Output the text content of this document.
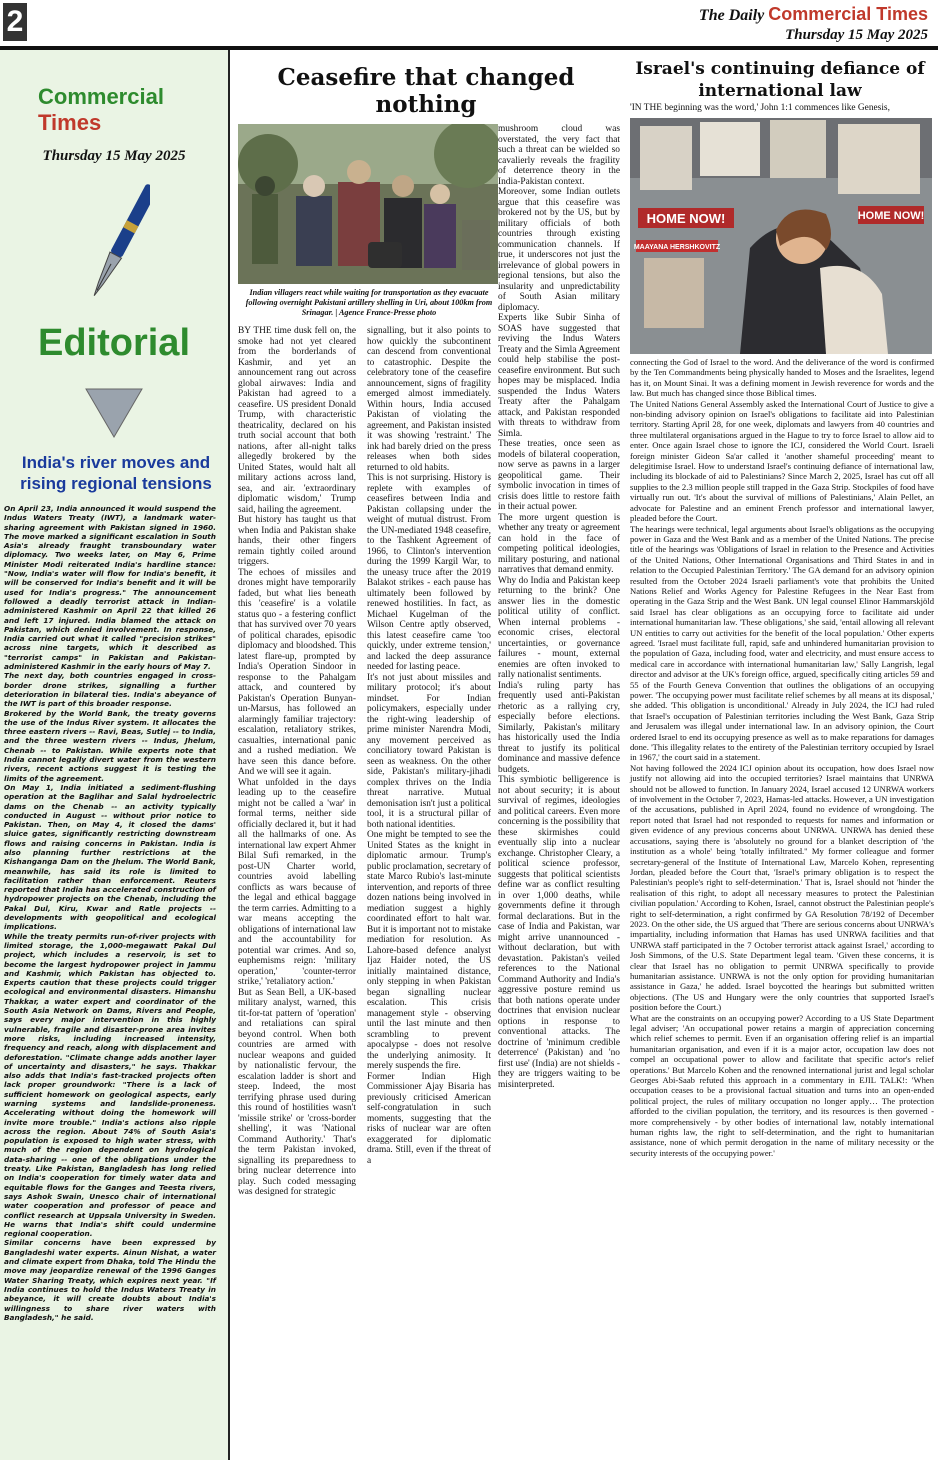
2	The Daily Commercial Times
Thursday 15 May 2025
Commercial Times
Thursday 15 May 2025
Editorial
India's river moves and rising regional tensions

On April 23, India announced it would suspend the Indus Waters Treaty (IWT), a landmark water-sharing agreement with Pakistan signed in 1960. The move marked a significant escalation in South Asia's already fraught transboundary water diplomacy. Two weeks later, on May 6, Prime Minister Modi reiterated India's hardline stance: "Now, India's water will flow for India's benefit, it will be conserved for India's benefit and it will be used for India's progress." The announcement followed a deadly terrorist attack in Indian-administered Kashmir on April 22 that killed 26 and left 17 injured. India blamed the attack on Pakistan, which denied involvement. In response, India carried out what it called "precision strikes" across nine targets, which it described as "terrorist camps" in Pakistan and Pakistan-administered Kashmir in the early hours of May 7.

The next day, both countries engaged in cross-border drone strikes, signalling a further deterioration in bilateral ties. India's abeyance of the IWT is part of this broader response.

Brokered by the World Bank, the treaty governs the use of the Indus River system. It allocates the three eastern rivers -- Ravi, Beas, Sutlej -- to India, and the three western rivers -- Indus, Jhelum, Chenab -- to Pakistan. While experts note that India cannot legally divert water from the western rivers, recent actions suggest it is testing the limits of the agreement.

On May 1, India initiated a sediment-flushing operation at the Baglihar and Salal hydroelectric dams on the Chenab -- an activity typically conducted in August -- without prior notice to Pakistan. Then, on May 4, it closed the dams' sluice gates, significantly restricting downstream flows and raising concerns in Pakistan. India is also planning further restrictions at the Kishanganga Dam on the Jhelum. The World Bank, meanwhile, has said its role is limited to facilitation rather than enforcement. Reuters reported that India has accelerated construction of hydropower projects on the Chenab, including the Pakal Dul, Kiru, Kwar and Ratle projects -- developments with geopolitical and ecological implications.

While the treaty permits run-of-river projects with limited storage, the 1,000-megawatt Pakal Dul project, which includes a reservoir, is set to become the largest hydropower project in Jammu and Kashmir, which Pakistan has objected to. Experts caution that these projects could trigger ecological and environmental disasters. Himanshu Thakkar, a water expert and coordinator of the South Asia Network on Dams, Rivers and People, says every major intervention in this highly vulnerable, fragile and disaster-prone area invites more risks, including increased intensity, frequency and reach, along with displacement and deforestation. "Climate change adds another layer of uncertainty and disasters," he says. Thakkar also adds that India's fast-tracked projects often lack proper groundwork: "There is a lack of sufficient homework on geological aspects, early warning systems and landslide-proneness. Accelerating without doing the homework will invite more trouble." India's actions also ripple across the region. About 74% of South Asia's population is exposed to high water stress, with much of the region dependent on hydrological data-sharing -- one of the obligations under the treaty. Like Pakistan, Bangladesh has long relied on India's cooperation for timely water data and equitable flows for the Ganges and Teesta rivers, says Ashok Swain, Unesco chair of international water cooperation and professor of peace and conflict research at Uppsala University in Sweden. He warns that India's shift could undermine regional cooperation.

Similar concerns have been expressed by Bangladeshi water experts. Ainun Nishat, a water and climate expert from Dhaka, told The Hindu the move may jeopardize renewal of the 1996 Ganges Water Sharing Treaty, which expires next year. "If India continues to hold the Indus Waters Treaty in abeyance, it will create doubts about India's willingness to share river waters with Bangladesh," he said.

Ceasefire that changed nothing
Indian villagers react while waiting for transportation as they evacuate following overnight Pakistani artillery shelling in Uri, about 100km from Srinagar. | Agence France-Presse photo

BY THE time dusk fell on, the smoke had not yet cleared from the borderlands of Kashmir, and yet an announcement rang out across global airwaves: India and Pakistan had agreed to a ceasefire. US president Donald Trump, with characteristic theatricality, declared on his truth social account that both nations, after all-night talks allegedly brokered by the United States, would halt all military actions across land, sea, and air. 'extraordinary diplomatic wisdom,' Trump said, hailing the agreement.

But history has taught us that when India and Pakistan shake hands, their other fingers remain tightly coiled around triggers.

The echoes of missiles and drones might have temporarily faded, but what lies beneath this 'ceasefire' is a volatile status quo - a festering conflict that has survived over 70 years of political charades, episodic diplomacy and bloodshed. This latest flare-up, prompted by India's Operation Sindoor in response to the Pahalgam attack, and countered by Pakistan's Operation Bunyan-un-Marsus, has followed an alarmingly familiar trajectory: escalation, retaliatory strikes, casualties, international panic and a rushed mediation. We have seen this dance before. And we will see it again.

What unfolded in the days leading up to the ceasefire might not be called a 'war' in formal terms, neither side officially declared it, but it had all the hallmarks of one. As international law expert Ahmer Bilal Sufi remarked, in the post-UN Charter world, countries avoid labelling conflicts as wars because of the legal and ethical baggage the term carries. Admitting to a war means accepting the obligations of international law and the accountability for potential war crimes. And so, euphemisms reign: 'military operation,' 'counter-terror strike,' 'retaliatory action.'

But as Sean Bell, a UK-based military analyst, warned, this tit-for-tat pattern of 'operation' and retaliations can spiral beyond control. When both countries are armed with nuclear weapons and guided by nationalistic fervour, the escalation ladder is short and steep. Indeed, the most terrifying phrase used during this round of hostilities wasn't 'missile strike' or 'cross-border shelling', it was 'National Command Authority.' That's the term Pakistan invoked, signalling its preparedness to bring nuclear deterrence into play. Such coded messaging was designed for strategic

signalling, but it also points to how quickly the subcontinent can descend from conventional to catastrophic. Despite the celebratory tone of the ceasefire announcement, signs of fragility emerged almost immediately. Within hours, India accused Pakistan of violating the agreement, and Pakistan insisted it was showing 'restraint.' The ink had barely dried on the press releases when both sides returned to old habits.

This is not surprising. History is replete with examples of ceasefires between India and Pakistan collapsing under the weight of mutual distrust. From the UN-mediated 1948 ceasefire, to the Tashkent Agreement of 1966, to Clinton's intervention during the 1999 Kargil War, to the uneasy truce after the 2019 Balakot strikes - each pause has ultimately been followed by renewed hostilities. In fact, as Michael Kugelman of the Wilson Centre aptly observed, this latest ceasefire came 'too quickly, under extreme tension,' and lacked the deep assurance needed for lasting peace.

It's not just about missiles and military protocol; it's about mindset. For Indian policymakers, especially under the right-wing leadership of prime minister Narendra Modi, any movement perceived as conciliatory toward Pakistan is seen as weakness. On the other side, Pakistan's military-jihadi complex thrives on the India threat narrative. Mutual demonisation isn't just a political tool, it is a structural pillar of both national identities.

One might be tempted to see the United States as the knight in diplomatic armour. Trump's public proclamation, secretary of state Marco Rubio's last-minute intervention, and reports of three dozen nations being involved in mediation suggest a highly coordinated effort to halt war. But it is important not to mistake mediation for resolution. As Lahore-based defence analyst Ijaz Haider noted, the US initially maintained distance, only stepping in when Pakistan began signalling nuclear escalation. This crisis management style - observing until the last minute and then scrambling to prevent apocalypse - does not resolve the underlying animosity. It merely suspends the fire.

Former Indian High Commissioner Ajay Bisaria has previously criticised American self-congratulation in such moments, suggesting that the risks of nuclear war are often exaggerated for diplomatic drama. Still, even if the threat of a

mushroom cloud was overstated, the very fact that such a threat can be wielded so cavalierly reveals the fragility of deterrence theory in the India-Pakistan context.

Moreover, some Indian outlets argue that this ceasefire was brokered not by the US, but by military officials of both countries through existing communication channels. If true, it underscores not just the irrelevance of global powers in regional tensions, but also the insularity and unpredictability of South Asian military diplomacy.

Experts like Subir Sinha of SOAS have suggested that reviving the Indus Waters Treaty and the Simla Agreement could help stabilise the post-ceasefire environment. But such hopes may be misplaced. India suspended the Indus Waters Treaty after the Pahalgam attack, and Pakistan responded with threats to withdraw from Simla.

These treaties, once seen as models of bilateral cooperation, now serve as pawns in a larger geopolitical game. Their symbolic invocation in times of crisis does little to restore faith in their actual power.

The more urgent question is whether any treaty or agreement can hold in the face of competing political ideologies, military posturing, and national narratives that demand enmity.

Why do India and Pakistan keep returning to the brink? One answer lies in the domestic political utility of conflict. When internal problems - economic crises, electoral uncertainties, or governance failures - mount, external enemies are often invoked to rally nationalist sentiments.

India's ruling party has frequently used anti-Pakistan rhetoric as a rallying cry, especially before elections. Similarly, Pakistan's military has historically used the India threat to justify its political dominance and massive defence budgets.

This symbiotic belligerence is not about security; it is about survival of regimes, ideologies and political careers. Even more concerning is the possibility that these skirmishes could eventually slip into a nuclear exchange. Christopher Cleary, a political science professor, suggests that political scientists define war as conflict resulting in over 1,000 deaths, while governments define it through formal declarations. But in the case of India and Pakistan, war might arrive unannounced - without declaration, but with devastation. Pakistan's veiled references to the National Command Authority and India's aggressive posture remind us that both nations operate under doctrines that envision nuclear options in response to conventional attacks. The doctrine of 'minimum credible deterrence' (Pakistan) and 'no first use' (India) are not shields - they are triggers waiting to be misinterpreted.

Israel's continuing defiance of international law
'IN THE beginning was the word,' John 1:1 commences like Genesis,
HOME NOW!
MAAYANA HERSHKOVITZ
HOME NOW!

connecting the God of Israel to the word. And the deliverance of the word is confirmed by the Ten Commandments being physically handed to Moses and the Israelites, legend has it, on Mount Sinai. It was a defining moment in Jewish reverence for words and the law. But much has changed since those Biblical times.

The United Nations General Assembly asked the International Court of Justice to give a non-binding advisory opinion on Israel's obligations to facilitate aid into Palestinian territory. Starting April 28, for one week, diplomats and lawyers from 40 countries and three multilateral organisations argued in the Hague to try to force Israel to allow aid to enter. Once again Israel chose to ignore the ICJ, considered the World Court. Israeli foreign minister Gideon Sa'ar called it 'another shameful proceeding' meant to delegitimise Israel. How to understand Israel's continuing defiance of international law, including its blockade of aid to Palestinians? Since March 2, 2025, Israel has cut off all supplies to the 2.3 million people still trapped in the Gaza Strip. Stockpiles of food have virtually run out. 'It's about the survival of millions of Palestinians,' Alain Pellet, an advocate for Palestine and an eminent French professor and international lawyer, pleaded before the Court.

The hearings were technical, legal arguments about Israel's obligations as the occupying power in Gaza and the West Bank and as a member of the United Nations. The precise title of the hearings was 'Obligations of Israel in relation to the Presence and Activities of the United Nations, Other International Organisations and Third States in and in relation to the Occupied Palestinian Territory.' The GA demand for an advisory opinion resulted from the October 2024 Israeli parliament's vote that prohibits the United Nations Relief and Works Agency for Palestine Refugees in the Near East from operating in the Gaza Strip and the West Bank. UN legal counsel Elinor Hammarskjöld said Israel has clear obligations as an occupying force to facilitate aid under international humanitarian law. 'These obligations,' she said, 'entail allowing all relevant UN entities to carry out activities for the benefit of the local population.' Other experts agreed. 'Israel must facilitate full, rapid, safe and unhindered humanitarian provision to the population of Gaza, including food, water and electricity, and must ensure access to medical care in accordance with international humanitarian law,' Sally Langrish, legal director and advisor at the UK's foreign office, argued, specifically citing articles 59 and 55 of the Fourth Geneva Convention that outlines the obligations of an occupying power. 'The occupying power must facilitate relief schemes by all means at its disposal,' she added. 'This obligation is unconditional.' Already in July 2024, the ICJ had ruled that Israel's occupation of Palestinian territories including the West Bank, Gaza Strip and Jerusalem was illegal under international law. In an advisory opinion, the Court ordered Israel to end its occupying presence as well as to make reparations for damages done. 'This illegality relates to the entirety of the Palestinian territory occupied by Israel in 1967,' the court said in a statement.

Not having followed the 2024 ICJ opinion about its occupation, how does Israel now justify not allowing aid into the occupied territories? Israel maintains that UNRWA should not be allowed to function. In January 2024, Israel accused 12 UNRWA workers of involvement in the October 7, 2023, Hamas-led attacks. However, a UN investigation of the accusations, published in April 2024, found no evidence of wrongdoing. The report noted that Israel had not responded to requests for names and information or given evidence of any previous concerns about UNRWA. UNRWA has denied these accusations, saying there is 'absolutely no ground for a blanket description of 'the institution as a whole' being 'totally infiltrated.'' My former colleague and former secretary-general of the Institute of International Law, Marcelo Kohen, representing Jordan, pleaded before the Court that, 'Israel's primary obligation is to respect the Palestinian's people's right to self-determination.' That is, Israel should not 'hinder the realisation of this right, to adopt all necessary measures to protect the Palestinian civilian population.' According to Kohen, Israel, cannot obstruct the Palestinian people's right to self-determination, a right confirmed by GA Resolution 78/192 of December 2023. On the other side, the US argued that 'There are serious concerns about UNRWA's impartiality, including information that Hamas has used UNRWA facilities and that UNRWA staff participated in the 7 October terrorist attack against Israel,' according to Josh Simmons, of the U.S. State Department legal team. 'Given these concerns, it is clear that Israel has no obligation to permit UNRWA specifically to provide humanitarian assistance. UNRWA is not the only option for providing humanitarian assistance in Gaza,' he added. Israel boycotted the hearings but submitted written objections. (The US and Hungary were the only countries that supported Israel's position before the Court.)

What are the constraints on an occupying power? According to a US State Department legal adviser; 'An occupational power retains a margin of appreciation concerning which relief schemes to permit. Even if an organisation offering relief is an impartial humanitarian organisation, and even if it is a major actor, occupation law does not compel an occupational power to allow and facilitate that specific actor's relief operations.' But Marcelo Kohen and the renowned international jurist and legal scholar Georges Abi-Saab refuted this approach in a commentary in EJIL TALK!: 'When occupation ceases to be a provisional factual situation and turns into an open-ended political project, the rules of military occupation no longer apply… The protection afforded to the civilian population, the territory, and its resources is then governed - more comprehensively - by other bodies of international law, notably international human rights law, the right to self-determination, and the right to humanitarian assistance, none of which permit derogation in the name of military necessity or the security interests of the occupying power.'
